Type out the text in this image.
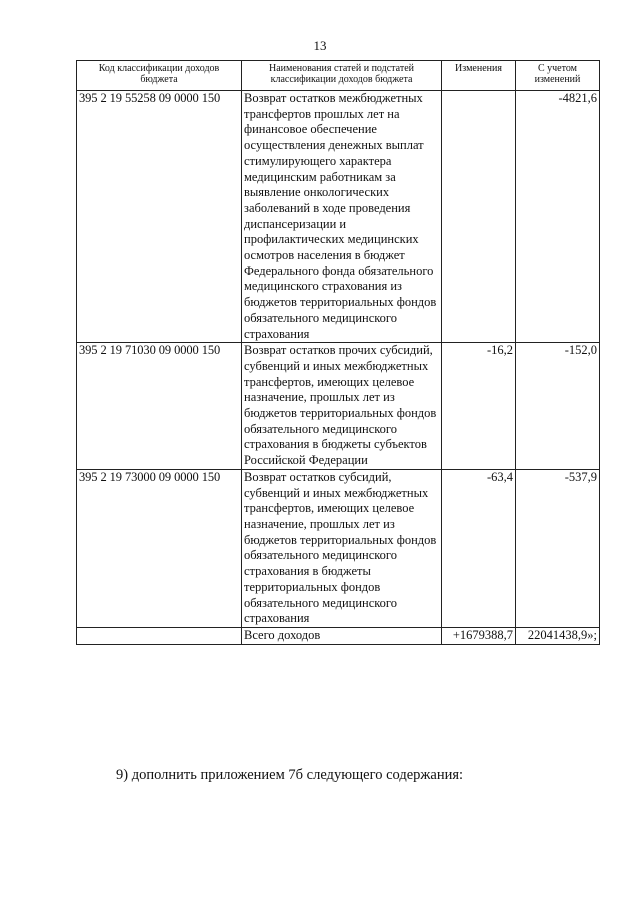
13
Код классификации доходов бюджета	Наименования статей и подстатей классификации доходов бюджета	Изменения	С учетом изменений
395 2 19 55258 09 0000 150	Возврат остатков межбюджетных трансфертов прошлых лет на финансовое обеспечение осуществления денежных выплат стимулирующего характера медицинским работникам за выявление онкологических заболеваний в ходе проведения диспансеризации и профилактических медицинских осмотров населения в бюджет Федерального фонда обязательного медицинского страхования из бюджетов территориальных фондов обязательного медицинского страхования		-4821,6
395 2 19 71030 09 0000 150	Возврат остатков прочих субсидий, субвенций и иных межбюджетных трансфертов, имеющих целевое назначение, прошлых лет из бюджетов территориальных фондов обязательного медицинского страхования в бюджеты субъектов Российской Федерации	-16,2	-152,0
395 2 19 73000 09 0000 150	Возврат остатков субсидий, субвенций и иных межбюджетных трансфертов, имеющих целевое назначение, прошлых лет из бюджетов территориальных фондов обязательного медицинского страхования в бюджеты территориальных фондов обязательного медицинского страхования	-63,4	-537,9
	Всего доходов	+1679388,7	22041438,9»;
9) дополнить приложением 7б следующего содержания:
